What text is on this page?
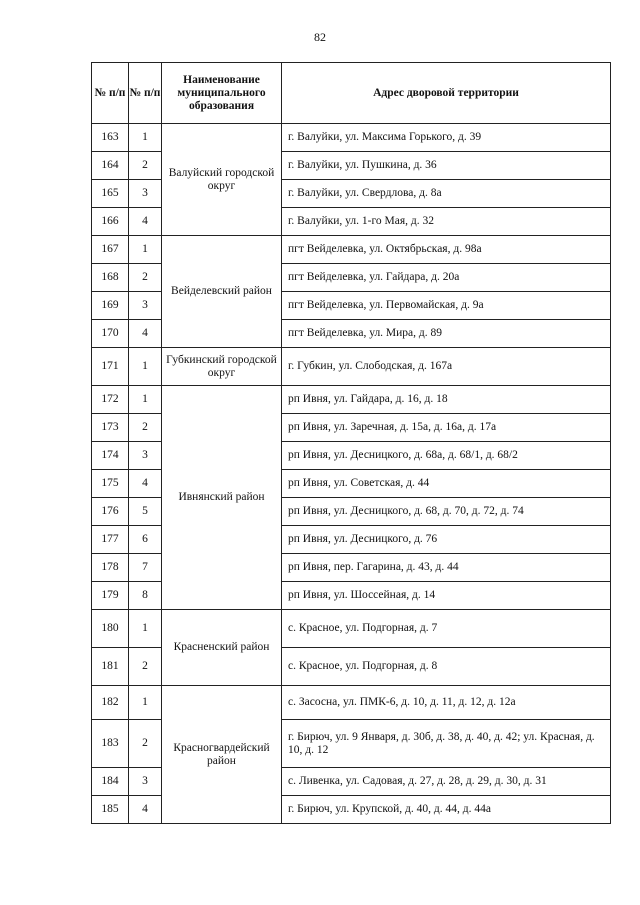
82
№ п/п	№ п/п	Наименование муниципального образования	Адрес дворовой территории
163	1	Валуйский городской округ	г. Валуйки, ул. Максима Горького, д. 39
164	2		г. Валуйки, ул. Пушкина, д. 36
165	3		г. Валуйки, ул. Свердлова, д. 8а
166	4		г. Валуйки, ул. 1-го Мая, д. 32
167	1	Вейделевский район	пгт Вейделевка, ул. Октябрьская, д. 98а
168	2		пгт Вейделевка, ул. Гайдара, д. 20а
169	3		пгт Вейделевка, ул. Первомайская, д. 9а
170	4		пгт Вейделевка, ул. Мира, д. 89
171	1	Губкинский городской округ	г. Губкин, ул. Слободская, д. 167а
172	1	Ивнянский район	рп Ивня, ул. Гайдара, д. 16, д. 18
173	2		рп Ивня, ул. Заречная, д. 15а, д. 16а, д. 17а
174	3		рп Ивня, ул. Десницкого, д. 68а, д. 68/1, д. 68/2
175	4		рп Ивня, ул. Советская, д. 44
176	5		рп Ивня, ул. Десницкого, д. 68, д. 70, д. 72, д. 74
177	6		рп Ивня, ул. Десницкого, д. 76
178	7		рп Ивня, пер. Гагарина, д. 43, д. 44
179	8		рп Ивня, ул. Шоссейная, д. 14
180	1	Красненский район	с. Красное, ул. Подгорная, д. 7
181	2		с. Красное, ул. Подгорная, д. 8
182	1	Красногвардейский район	с. Засосна, ул. ПМК-6, д. 10, д. 11, д. 12, д. 12а
183	2		г. Бирюч, ул. 9 Января, д. 30б, д. 38, д. 40, д. 42; ул. Красная, д. 10, д. 12
184	3		с. Ливенка, ул. Садовая, д. 27, д. 28, д. 29, д. 30, д. 31
185	4		г. Бирюч, ул. Крупской, д. 40, д. 44, д. 44а
